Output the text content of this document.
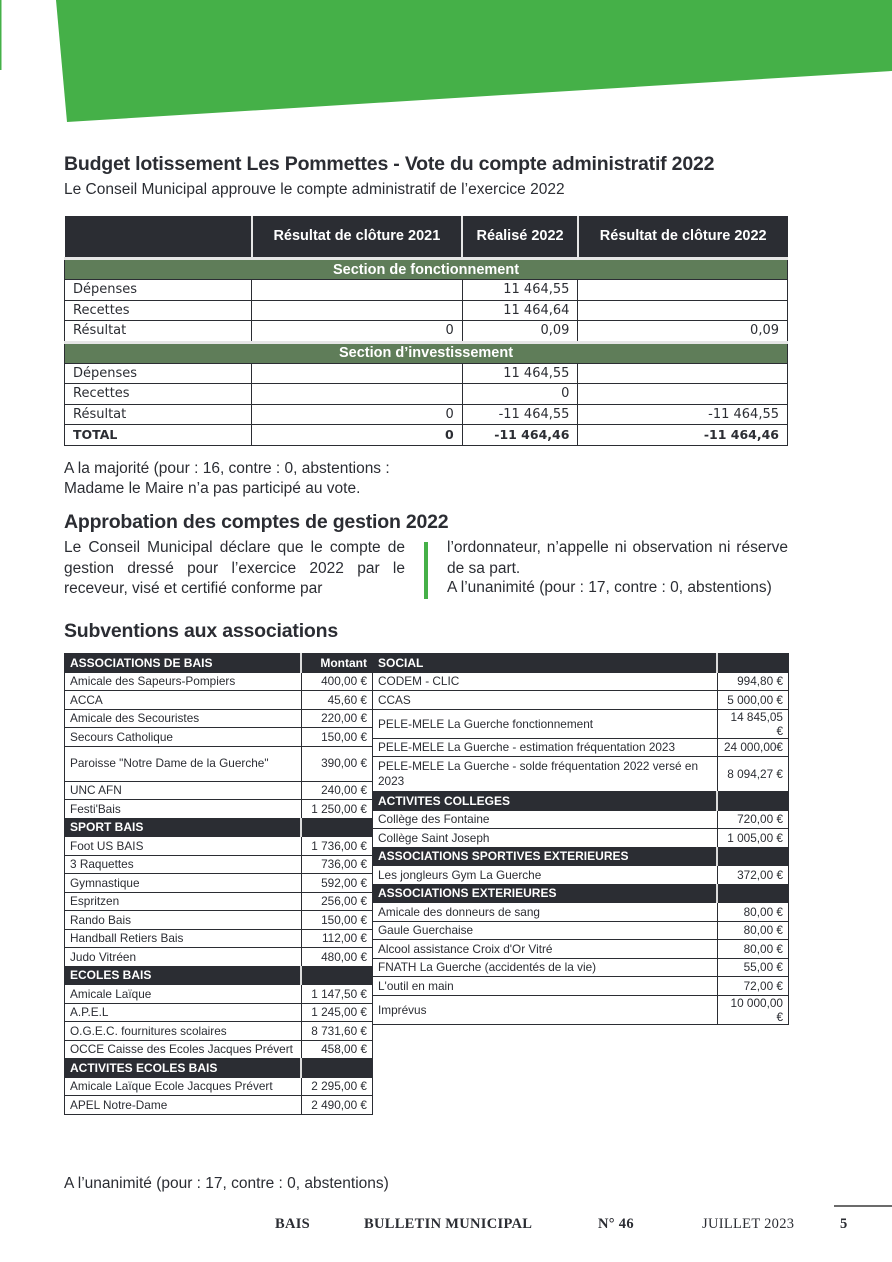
Budget lotissement Les Pommettes - Vote du compte administratif 2022

Le Conseil Municipal approuve le compte administratif de l’exercice 2022

	Résultat de clôture 2021	Réalisé 2022	Résultat de clôture 2022
Section de fonctionnement			
Dépenses		11 464,55	
Recettes		11 464,64	
Résultat	0	0,09	0,09
Section d’investissement			
Dépenses		11 464,55	
Recettes		0	
Résultat	0	-11 464,55	-11 464,55
TOTAL	0	-11 464,46	-11 464,46

A la majorité (pour : 16, contre : 0, abstentions :

Madame le Maire n’a pas participé au vote.

Approbation des comptes de gestion 2022

Le Conseil Municipal déclare que le compte de gestion dressé pour l’exercice 2022 par le receveur, visé et certifié conforme par

l’ordonnateur, n’appelle ni observation ni réserve de sa part.

A l’unanimité (pour : 17, contre : 0, abstentions)

Subventions aux associations
ASSOCIATIONS DE BAIS	Montant
Amicale des Sapeurs-Pompiers	400,00 €
ACCA	45,60 €
Amicale des Secouristes	220,00 €
Secours Catholique	150,00 €
Paroisse "Notre Dame de la Guerche"	390,00 €
UNC AFN	240,00 €
Festi'Bais	1 250,00 €
SPORT BAIS	
Foot US BAIS	1 736,00 €
3 Raquettes	736,00 €
Gymnastique	592,00 €
Espritzen	256,00 €
Rando Bais	150,00 €
Handball Retiers Bais	112,00 €
Judo Vitréen	480,00 €
ECOLES BAIS	
Amicale Laïque	1 147,50 €
A.P.E.L	1 245,00 €
O.G.E.C. fournitures scolaires	8 731,60 €
OCCE Caisse des Ecoles Jacques Prévert	458,00 €
ACTIVITES ECOLES BAIS	
Amicale Laïque Ecole Jacques Prévert	2 295,00 €
APEL Notre-Dame	2 490,00 €
SOCIAL	
CODEM - CLIC	994,80 €
CCAS	5 000,00 €
PELE-MELE La Guerche fonctionnement	14 845,05 €
PELE-MELE La Guerche - estimation fréquentation 2023	24 000,00€
PELE-MELE La Guerche - solde fréquentation 2022 versé en 2023	8 094,27 €
ACTIVITES COLLEGES	
Collège des Fontaine	720,00 €
Collège Saint Joseph	1 005,00 €
ASSOCIATIONS SPORTIVES EXTERIEURES	
Les jongleurs Gym La Guerche	372,00 €
ASSOCIATIONS EXTERIEURES	
Amicale des donneurs de sang	80,00 €
Gaule Guerchaise	80,00 €
Alcool assistance Croix d'Or Vitré	80,00 €
FNATH La Guerche (accidentés de la vie)	55,00 €
L'outil en main	72,00 €
Imprévus	10 000,00 €

A l’unanimité (pour : 17, contre : 0, abstentions)

BAIS	BULLETIN MUNICIPAL	N° 46	JUILLET 2023	5
